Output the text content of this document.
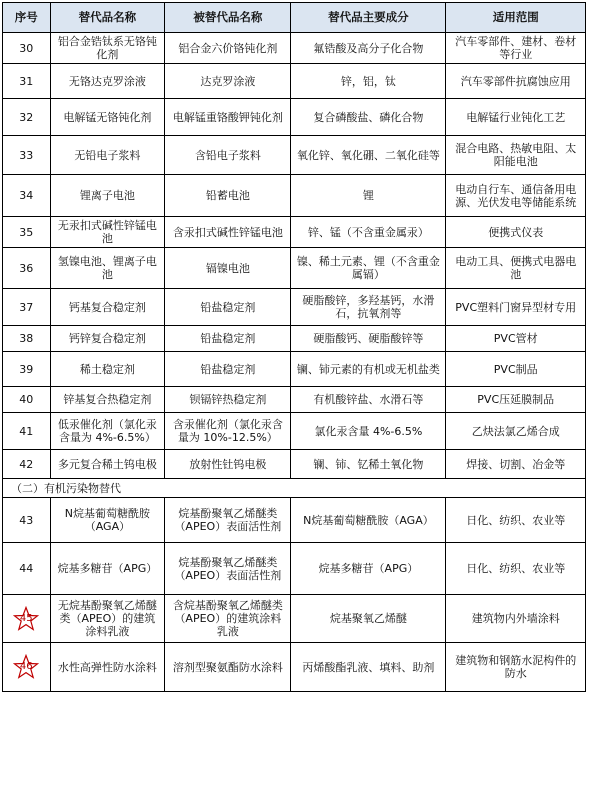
序号	替代品名称	被替代品名称	替代品主要成分	适用范围
30	铝合金锆钛系无铬钝化剂	铝合金六价铬钝化剂	氟锆酸及高分子化合物	汽车零部件、建材、卷材等行业
31	无铬达克罗涂液	达克罗涂液	锌，铝，钛	汽车零部件抗腐蚀应用
32	电解锰无铬钝化剂	电解锰重铬酸钾钝化剂	复合磷酸盐、磷化合物	电解锰行业钝化工艺
33	无铅电子浆料	含铅电子浆料	氧化锌、氧化硼、二氧化硅等	混合电路、热敏电阻、太阳能电池
34	锂离子电池	铅蓄电池	锂	电动自行车、通信备用电源、光伏发电等储能系统
35	无汞扣式碱性锌锰电池	含汞扣式碱性锌锰电池	锌、锰（不含重金属汞）	便携式仪表
36	氢镍电池、锂离子电池	镉镍电池	镍、稀土元素、锂（不含重金属镉）	电动工具、便携式电器电池
37	钙基复合稳定剂	铅盐稳定剂	硬脂酸锌，多羟基钙，水滑石，抗氧剂等	PVC塑料门窗异型材专用
38	钙锌复合稳定剂	铅盐稳定剂	硬脂酸钙、硬脂酸锌等	PVC管材
39	稀土稳定剂	铅盐稳定剂	镧、铈元素的有机或无机盐类	PVC制品
40	锌基复合热稳定剂	钡镉锌热稳定剂	有机酸锌盐、水滑石等	PVC压延膜制品
41	低汞催化剂（氯化汞含量为 4%-6.5%）	含汞催化剂（氯化汞含量为 10%-12.5%）	氯化汞含量 4%-6.5%	乙炔法氯乙烯合成
42	多元复合稀土钨电极	放射性钍钨电极	镧、铈、钇稀土氧化物	焊接、切割、冶金等
（二）有机污染物替代				
43	N烷基葡萄糖酰胺（AGA）	烷基酚聚氧乙烯醚类（APEO）表面活性剂	N烷基葡萄糖酰胺（AGA）	日化、纺织、农业等
44	烷基多糖苷（APG）	烷基酚聚氧乙烯醚类（APEO）表面活性剂	烷基多糖苷（APG）	日化、纺织、农业等

45	无烷基酚聚氧乙烯醚类（APEO）的建筑涂料乳液	含烷基酚聚氧乙烯醚类（APEO）的建筑涂料乳液	烷基聚氧乙烯醚	建筑物内外墙涂料

46	水性高弹性防水涂料	溶剂型聚氨酯防水涂料	丙烯酸酯乳液、填料、助剂	建筑物和钢筋水泥构件的防水
